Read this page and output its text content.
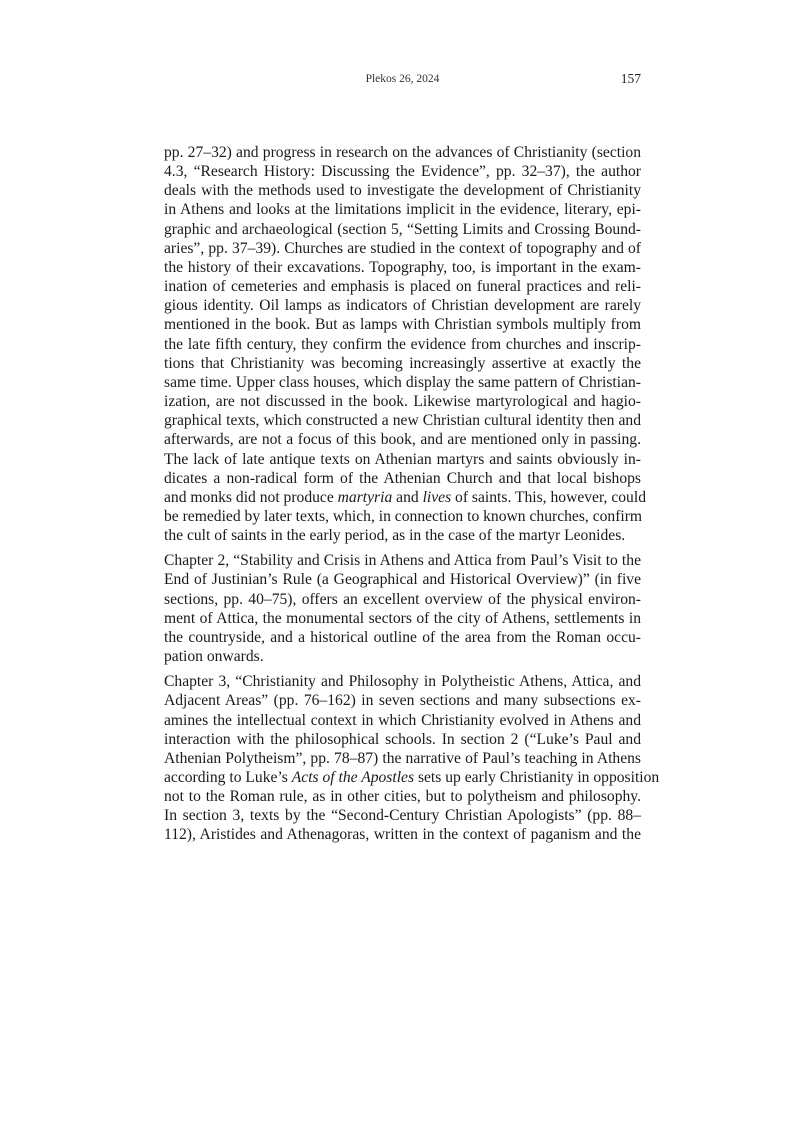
Plekos 26, 2024	157

pp. 27–32) and progress in research on the advances of Christianity (section
4.3, “Research History: Discussing the Evidence”, pp. 32–37), the author
deals with the methods used to investigate the development of Christianity
in Athens and looks at the limitations implicit in the evidence, literary, epi-
graphic and archaeological (section 5, “Setting Limits and Crossing Bound-
aries”, pp. 37–39). Churches are studied in the context of topography and of
the history of their excavations. Topography, too, is important in the exam-
ination of cemeteries and emphasis is placed on funeral practices and reli-
gious identity. Oil lamps as indicators of Christian development are rarely
mentioned in the book. But as lamps with Christian symbols multiply from
the late fifth century, they confirm the evidence from churches and inscrip-
tions that Christianity was becoming increasingly assertive at exactly the
same time. Upper class houses, which display the same pattern of Christian-
ization, are not discussed in the book. Likewise martyrological and hagio-
graphical texts, which constructed a new Christian cultural identity then and
afterwards, are not a focus of this book, and are mentioned only in passing.
The lack of late antique texts on Athenian martyrs and saints obviously in-
dicates a non-radical form of the Athenian Church and that local bishops
and monks did not produce martyria and lives of saints. This, however, could
be remedied by later texts, which, in connection to known churches, confirm
the cult of saints in the early period, as in the case of the martyr Leonides.

Chapter 2, “Stability and Crisis in Athens and Attica from Paul’s Visit to the
End of Justinian’s Rule (a Geographical and Historical Overview)” (in five
sections, pp. 40–75), offers an excellent overview of the physical environ-
ment of Attica, the monumental sectors of the city of Athens, settlements in
the countryside, and a historical outline of the area from the Roman occu-
pation onwards.

Chapter 3, “Christianity and Philosophy in Polytheistic Athens, Attica, and
Adjacent Areas” (pp. 76–162) in seven sections and many subsections ex-
amines the intellectual context in which Christianity evolved in Athens and
interaction with the philosophical schools. In section 2 (“Luke’s Paul and
Athenian Polytheism”, pp. 78–87) the narrative of Paul’s teaching in Athens
according to Luke’s Acts of the Apostles sets up early Christianity in opposition
not to the Roman rule, as in other cities, but to polytheism and philosophy.
In section 3, texts by the “Second-Century Christian Apologists” (pp. 88–
112), Aristides and Athenagoras, written in the context of paganism and the
